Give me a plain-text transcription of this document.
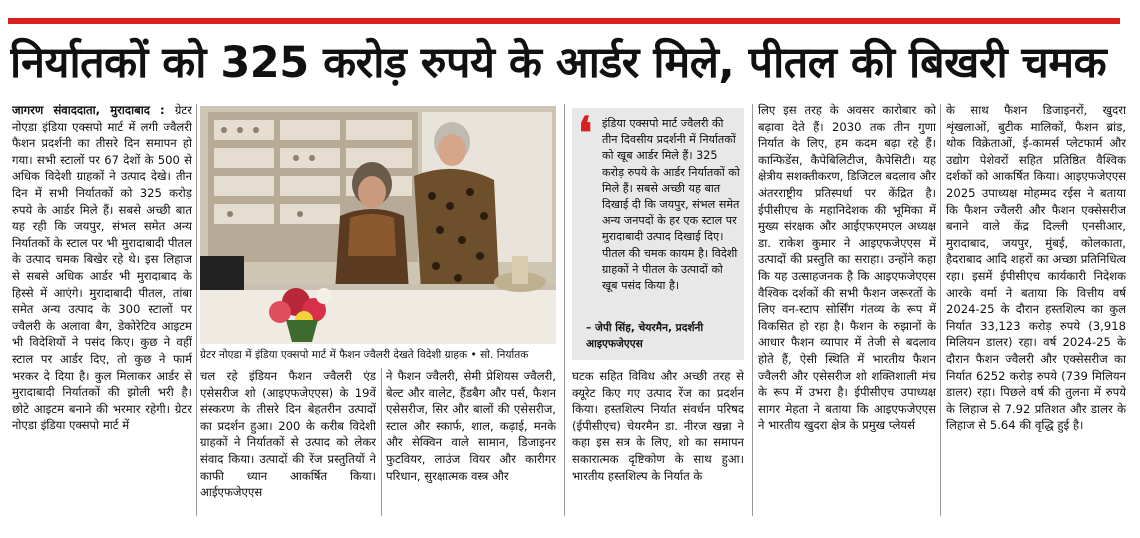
निर्यातकों को 325 करोड़ रुपये के आर्डर मिले, पीतल की बिखरी चमक
जागरण संवाददाता, मुरादाबाद : ग्रेटर नोएडा इंडिया एक्सपो मार्ट में लगी ज्वैलरी फैशन प्रदर्शनी का तीसरे दिन समापन हो गया। सभी स्टालों पर 67 देशों के 500 से अधिक विदेशी ग्राहकों ने उत्पाद देखे। तीन दिन में सभी निर्यातकों को 325 करोड़ रुपये के आर्डर मिले हैं। सबसे अच्छी बात यह रही कि जयपुर, संभल समेत अन्य निर्यातकों के स्टाल पर भी मुरादाबादी पीतल के उत्पाद चमक बिखेर रहे थे। इस लिहाज से सबसे अधिक आर्डर भी मुरादाबाद के हिस्से में आएंगे। मुरादाबादी पीतल, तांबा समेत अन्य उत्पाद के 300 स्टालों पर ज्वैलरी के अलावा बैग, डेकोरेटिव आइटम भी विदेशियों ने पसंद किए। कुछ ने वहीं स्टाल पर आर्डर दिए, तो कुछ ने फार्म भरकर दे दिया है। कुल मिलाकर आर्डर से मुरादाबादी निर्यातकों की झोली भरी है। छोटे आइटम बनाने की भरमार रहेगी। ग्रेटर नोएडा इंडिया एक्सपो मार्ट में
ग्रेटर नोएडा में इंडिया एक्सपो मार्ट में फैशन ज्वैलरी देखते विदेशी ग्राहक • सो. निर्यातक
चल रहे इंडियन फैशन ज्वैलरी एंड एसेसरीज शो (आइएफजेएएस) के 19वें संस्करण के तीसरे दिन बेहतरीन उत्पादों का प्रदर्शन हुआ। 200 के करीब विदेशी ग्राहकों ने निर्यातकों से उत्पाद को लेकर संवाद किया। उत्पादों की रेंज प्रस्तुतियों ने काफी ध्यान आकर्षित किया। आईएफजेएएस
ने फैशन ज्वैलरी, सेमी प्रेशियस ज्वैलरी, बेल्ट और वालेट, हैंडबैग और पर्स, फैशन एसेसरीज, सिर और बालों की एसेसरीज, स्टाल और स्कार्फ, शाल, कढ़ाई, मनके और सेक्विन वाले सामान, डिजाइनर फुटवियर, लाउंज वियर और कारीगर परिधान, सुरक्षात्मक वस्त्र और
❛ इंडिया एक्सपो मार्ट ज्वैलरी की तीन दिवसीय प्रदर्शनी में निर्यातकों को खूब आर्डर मिले हैं। 325 करोड़ रुपये के आर्डर निर्यातकों को मिले हैं। सबसे अच्छी यह बात दिखाई दी कि जयपुर, संभल समेत अन्य जनपदों के हर एक स्टाल पर मुरादाबादी उत्पाद दिखाई दिए। पीतल की चमक कायम है। विदेशी ग्राहकों ने पीतल के उत्पादों को खूब पसंद किया है।
– जेपी सिंह, चेयरमैन, प्रदर्शनी आइएफजेएएस
घटक सहित विविध और अच्छी तरह से क्यूरेट किए गए उत्पाद रेंज का प्रदर्शन किया। हस्तशिल्प निर्यात संवर्धन परिषद (ईपीसीएच) चेयरमैन डा. नीरज खन्ना ने कहा इस सत्र के लिए, शो का समापन सकारात्मक दृष्टिकोण के साथ हुआ। भारतीय हस्तशिल्प के निर्यात के
लिए इस तरह के अवसर कारोबार को बढ़ावा देते हैं। 2030 तक तीन गुणा निर्यात के लिए, हम कदम बढ़ा रहे हैं। कान्फिडेंस, कैपेबिलिटीज, कैपेसिटी। यह क्षेत्रीय सशक्तीकरण, डिजिटल बदलाव और अंतरराष्ट्रीय प्रतिस्पर्धा पर केंद्रित है। ईपीसीएच के महानिदेशक की भूमिका में मुख्य संरक्षक और आईएफएमएल अध्यक्ष डा. राकेश कुमार ने आइएफजेएएस में उत्पादों की प्रस्तुति का सराहा। उन्होंने कहा कि यह उत्साहजनक है कि आइएफजेएएस वैश्विक दर्शकों की सभी फैशन जरूरतों के लिए वन-स्टाप सोर्सिंग गंतव्य के रूप में विकसित हो रहा है। फैशन के रुझानों के आधार फैशन व्यापार में तेजी से बदलाव होते हैं, ऐसी स्थिति में भारतीय फैशन ज्वैलरी और एसेसरीज शो शक्तिशाली मंच के रूप में उभरा है। ईपीसीएच उपाध्यक्ष सागर मेहता ने बताया कि आइएफजेएएस ने भारतीय खुदरा क्षेत्र के प्रमुख प्लेयर्स
के साथ फैशन डिजाइनरों, खुदरा शृंखलाओं, बुटीक मालिकों, फैशन ब्रांड, थोक विक्रेताओं, ई-कामर्स प्लेटफार्म और उद्योग पेशेवरों सहित प्रतिष्ठित वैश्विक दर्शकों को आकर्षित किया। आइएफजेएएस 2025 उपाध्यक्ष मोहम्मद रईस ने बताया कि फैशन ज्वैलरी और फैशन एक्सेसरीज बनाने वाले केंद्र दिल्ली एनसीआर, मुरादाबाद, जयपुर, मुंबई, कोलकाता, हैदराबाद आदि शहरों का अच्छा प्रतिनिधित्व रहा। इसमें ईपीसीएच कार्यकारी निदेशक आरके वर्मा ने बताया कि वित्तीय वर्ष 2024-25 के दौरान हस्तशिल्प का कुल निर्यात 33,123 करोड़ रुपये (3,918 मिलियन डालर) रहा। वर्ष 2024-25 के दौरान फैशन ज्वैलरी और एक्सेसरीज का निर्यात 6252 करोड़ रुपये (739 मिलियन डालर) रहा। पिछले वर्ष की तुलना में रुपये के लिहाज से 7.92 प्रतिशत और डालर के लिहाज से 5.64 की वृद्धि हुई है।
